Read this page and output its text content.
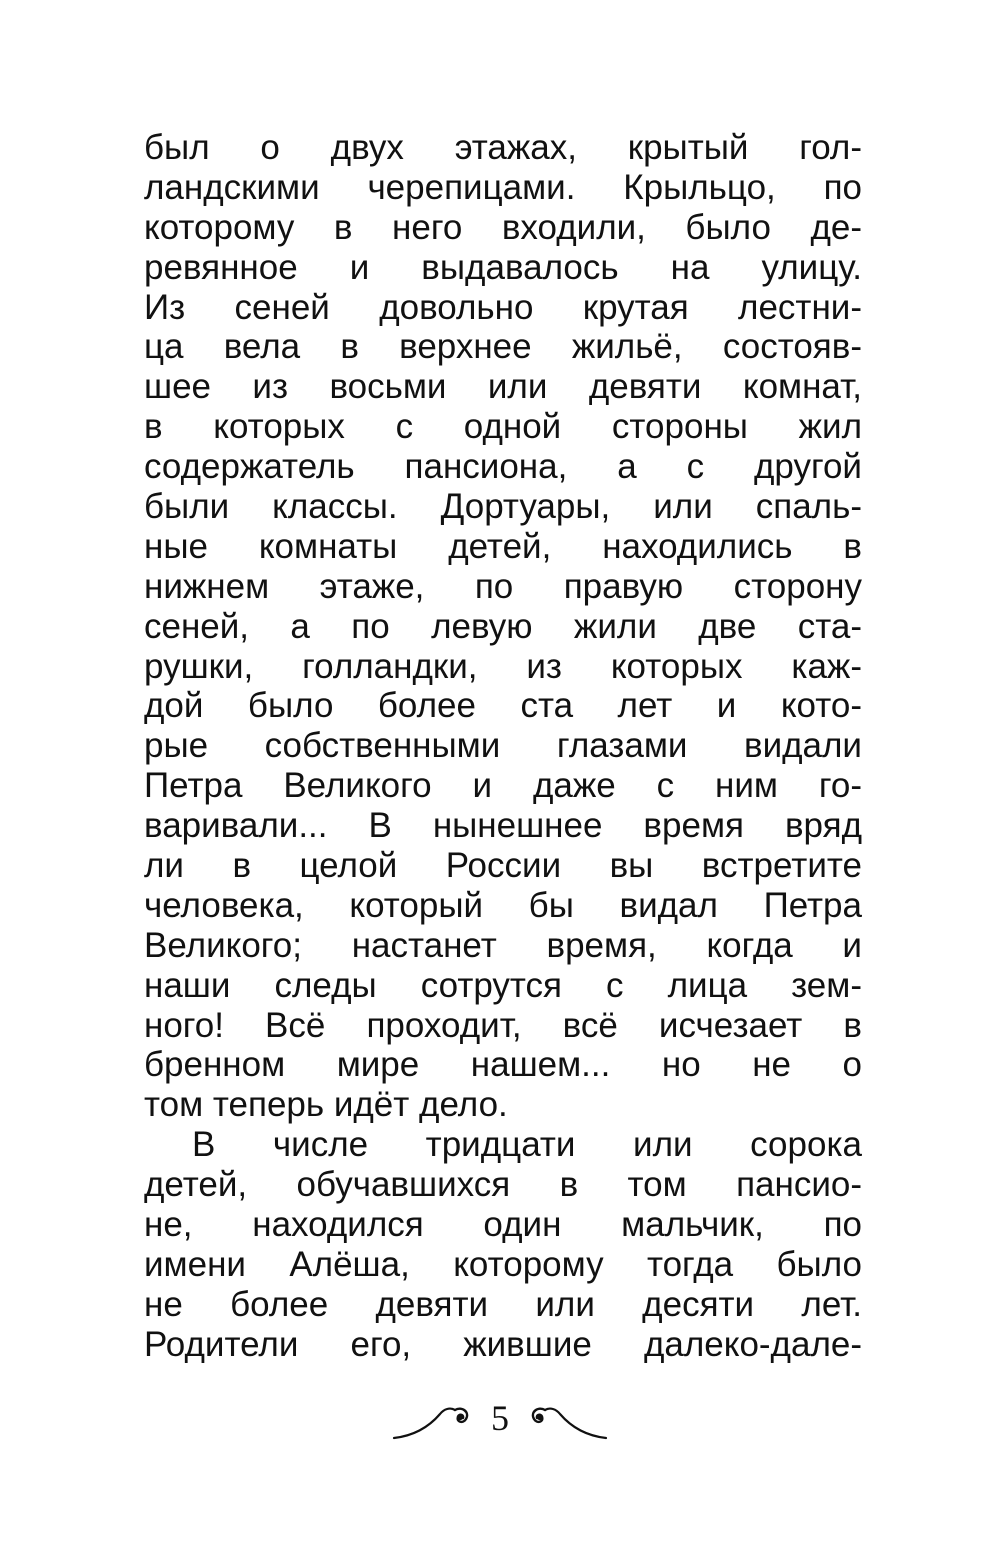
был о двух этажах, крытый гол-
ландскими черепицами. Крыльцо, по
которому в него входили, было де-
ревянное и выдавалось на улицу.
Из сеней довольно крутая лестни-
ца вела в верхнее жильё, состояв-
шее из восьми или девяти комнат,
в которых с одной стороны жил
содержатель пансиона, а с другой
были классы. Дортуары, или спаль-
ные комнаты детей, находились в
нижнем этаже, по правую сторону
сеней, а по левую жили две ста-
рушки, голландки, из которых каж-
дой было более ста лет и кото-
рые собственными глазами видали
Петра Великого и даже с ним го-
варивали... В нынешнее время вряд
ли в целой России вы встретите
человека, который бы видал Петра
Великого; настанет время, когда и
наши следы сотрутся с лица зем-
ного! Всё проходит, всё исчезает в
бренном мире нашем... но не о
том теперь идёт дело.
В числе тридцати или сорока
детей, обучавшихся в том пансио-
не, находился один мальчик, по
имени Алёша, которому тогда было
не более девяти или десяти лет.
Родители его, жившие далеко-дале-
5
